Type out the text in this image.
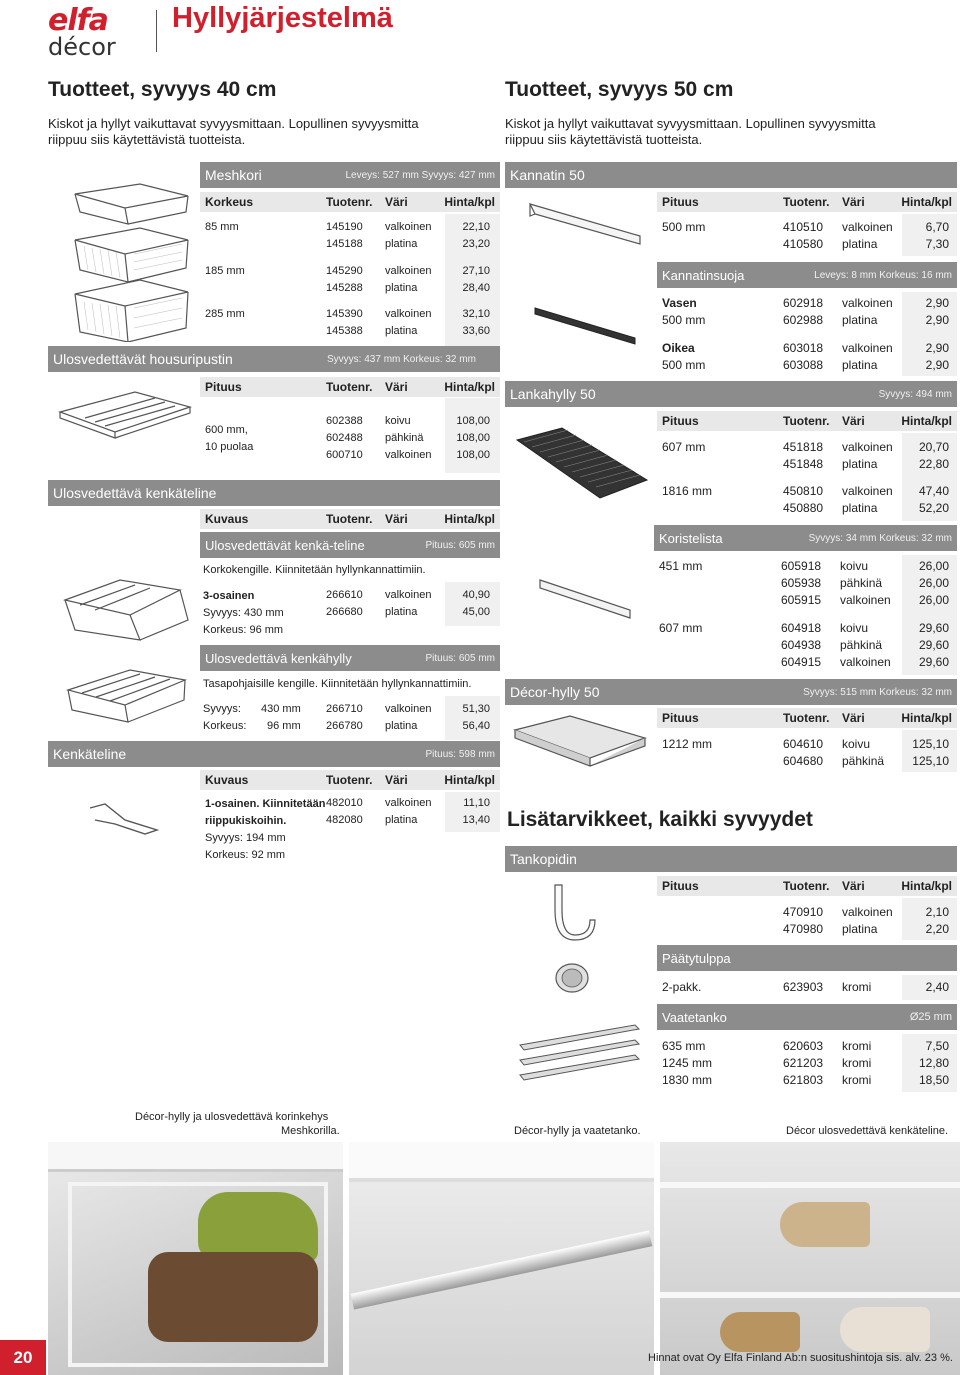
elfa
décor
Hyllyjärjestelmä
Tuotteet, syvyys 40 cm
Kiskot ja hyllyt vaikuttavat syvyysmittaan. Lopullinen syvyysmitta
riippuu siis käytettävistä tuotteista.
Tuotteet, syvyys 50 cm
Kiskot ja hyllyt vaikuttavat syvyysmittaan. Lopullinen syvyysmitta
riippuu siis käytettävistä tuotteista.
Meshkori	Leveys: 527 mm Syvyys: 427 mm
Korkeus	Tuotenr. Väri	Hinta/kpl
85 mm	145190 valkoinen	22,10
145188 platina	23,20
185 mm	145290 valkoinen	27,10
145288 platina	28,40
285 mm	145390 valkoinen	32,10
145388 platina	33,60
Ulosvedettävät housuripustin	Syvyys: 437 mm Korkeus: 32 mm
Pituus	Tuotenr. Väri	Hinta/kpl
600 mm,
10 puolaa
602388 koivu	108,00
602488 pähkinä	108,00
600710 valkoinen 108,00
Ulosvedettävä kenkäteline
Kuvaus	Tuotenr. Väri	Hinta/kpl
Ulosvedettävät kenkä-teline	Pituus: 605 mm
Korkokengille. Kiinnitetään hyllynkannattimiin.
3-osainen
Syvyys: 430 mm
Korkeus: 96 mm
266610 valkoinen	40,90
266680 platina	45,00
Ulosvedettävä kenkähylly	Pituus: 605 mm
Tasapohjaisille kengille. Kiinnitetään hyllynkannattimiin.
Syvyys: 430 mm
Korkeus: 96 mm
266710 valkoinen	51,30
266780 platina	56,40
Kenkäteline	Pituus: 598 mm
Kuvaus	Tuotenr. Väri	Hinta/kpl
1-osainen. Kiinnitetään
riippukiskoihin.
Syvyys: 194 mm
Korkeus: 92 mm
482010 valkoinen	11,10
482080 platina	13,40
Kannatin 50
Pituus	Tuotenr. Väri	Hinta/kpl
500 mm	410510 valkoinen	6,70
410580 platina	7,30
Kannatinsuoja	Leveys: 8 mm Korkeus: 16 mm
Vasen
500 mm
602918 valkoinen	2,90
602988 platina	2,90
Oikea
500 mm
603018 valkoinen	2,90
603088 platina	2,90
Lankahylly 50	Syvyys: 494 mm
Pituus	Tuotenr. Väri	Hinta/kpl
607 mm	451818 valkoinen 20,70
451848 platina	22,80
1816 mm	450810 valkoinen 47,40
450880 platina	52,20
Koristelista	Syvyys: 34 mm Korkeus: 32 mm
451 mm	605918 koivu	26,00
605938 pähkinä	26,00
605915 valkoinen 26,00
607 mm	604918 koivu	29,60
604938 pähkinä	29,60
604915 valkoinen 29,60
Décor-hylly 50	Syvyys: 515 mm Korkeus: 32 mm
Pituus	Tuotenr. Väri	Hinta/kpl
1212 mm	604610 koivu	125,10
604680 pähkinä 125,10
Lisätarvikkeet, kaikki syvyydet
Tankopidin
Pituus	Tuotenr. Väri	Hinta/kpl
470910 valkoinen	2,10
470980 platina	2,20
Päätytulppa
2-pakk.	623903 kromi	2,40
Vaatetanko	Ø25 mm
635 mm	620603 kromi	7,50
1245 mm	621203 kromi	12,80
1830 mm	621803 kromi	18,50
Décor-hylly ja ulosvedettävä korinkehys
Meshkorilla.	Décor-hylly ja vaatetanko.	Décor ulosvedettävä kenkäteline.
20	Hinnat ovat Oy Elfa Finland Ab:n suositushintoja sis. alv. 23 %.
